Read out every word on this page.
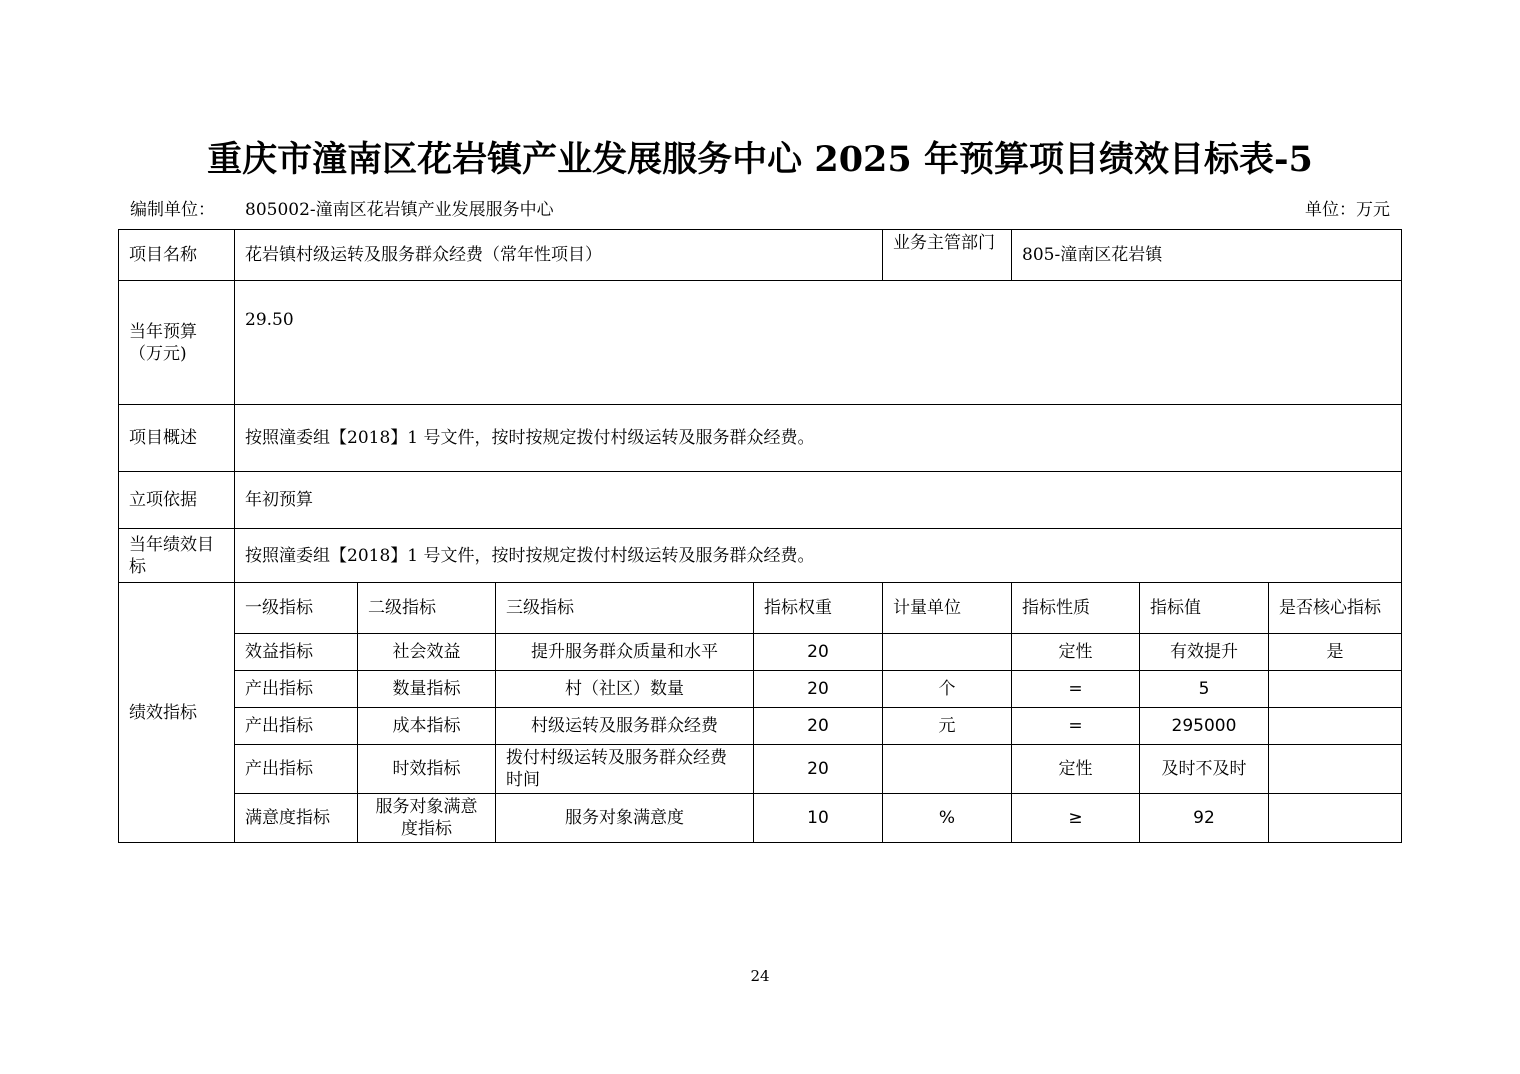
重庆市潼南区花岩镇产业发展服务中心 2025 年预算项目绩效目标表-5
编制单位： 805002-潼南区花岩镇产业发展服务中心	单位：万元
项目名称	花岩镇村级运转及服务群众经费（常年性项目）				业务主管部门	805-潼南区花岩镇		
当年预算（万元)	29.50							
项目概述	按照潼委组【2018】1 号文件，按时按规定拨付村级运转及服务群众经费。							
立项依据	年初预算							
当年绩效目标	按照潼委组【2018】1 号文件，按时按规定拨付村级运转及服务群众经费。							
绩效指标	一级指标	二级指标	三级指标	指标权重	计量单位	指标性质	指标值	是否核心指标
	效益指标	社会效益	提升服务群众质量和水平	20		定性	有效提升	是
	产出指标	数量指标	村（社区）数量	20	个	=	5	
	产出指标	成本指标	村级运转及服务群众经费	20	元	=	295000	
	产出指标	时效指标	拨付村级运转及服务群众经费时间	20		定性	及时不及时	
	满意度指标	服务对象满意度指标	服务对象满意度	10	%	≥	92	
24
